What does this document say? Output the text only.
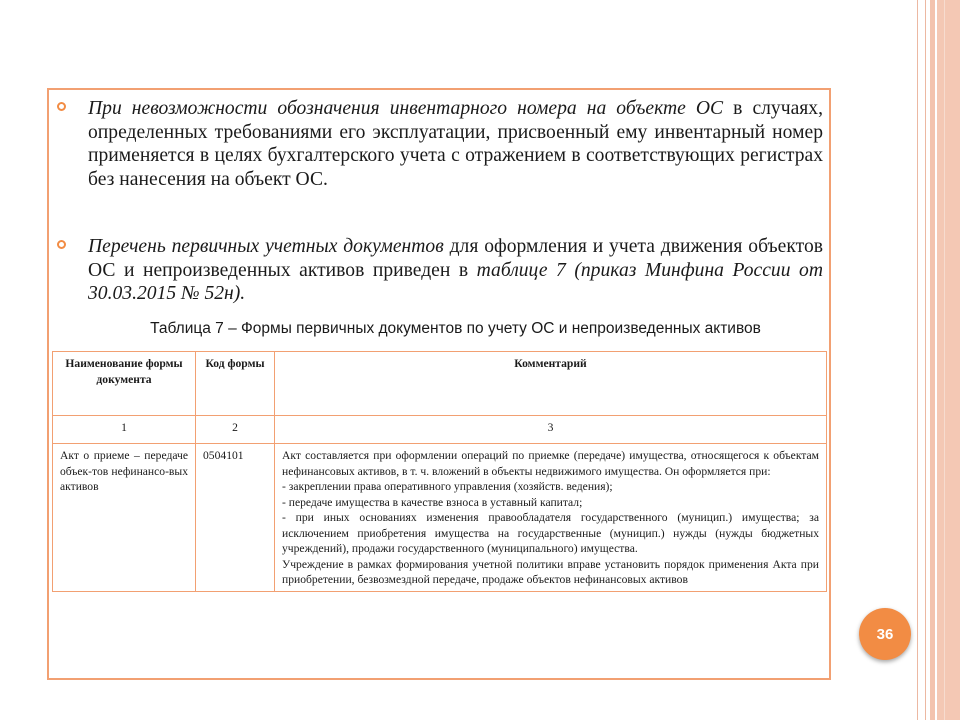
При невозможности обозначения инвентарного номера на объекте ОС в случаях, определенных требованиями его эксплуатации, присвоенный ему инвентарный номер применяется в целях бухгалтерского учета с отражением в соответствующих регистрах без нанесения на объект ОС.
Перечень первичных учетных документов для оформления и учета движения объектов ОС и непроизведенных активов приведен в таблице 7 (приказ Минфина России от 30.03.2015 № 52н).
Таблица 7 – Формы первичных документов по учету ОС и непроизведенных активов
Наименование формы документа	Код формы	Комментарий
1	2	3
Акт о приеме – передаче объек-тов нефинансо-вых активов	0504101	Акт составляется при оформлении операций по приемке (передаче) имущества, относящегося к объектам нефинансовых активов, в т. ч. вложений в объекты недвижимого имущества. Он оформляется при:
- закреплении права оперативного управления (хозяйств. ведения);
- передаче имущества в качестве взноса в уставный капитал;
- при иных основаниях изменения правообладателя государственного (муницип.) имущества; за исключением приобретения имущества на государственные (муницип.) нужды (нужды бюджетных учреждений), продажи государственного (муниципального) имущества.
Учреждение в рамках формирования учетной политики вправе установить порядок применения Акта при приобретении, безвозмездной передаче, продаже объектов нефинансовых активов
36
